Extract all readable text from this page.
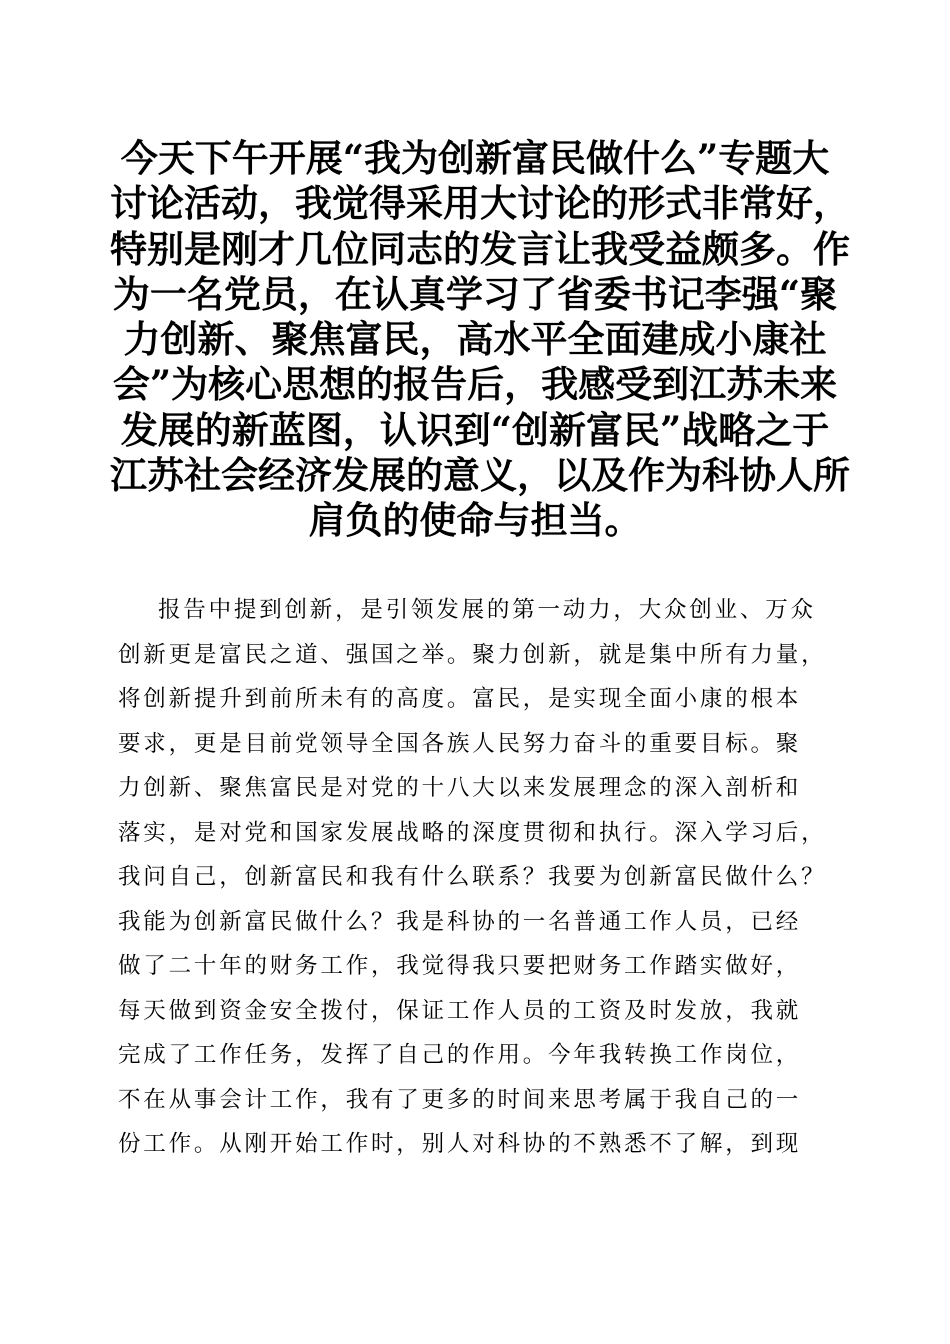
今天下午开展“我为创新富民做什么”专题大
讨论活动，我觉得采用大讨论的形式非常好，
特别是刚才几位同志的发言让我受益颇多。作
为一名党员，在认真学习了省委书记李强“聚
力创新、聚焦富民，高水平全面建成小康社
会”为核心思想的报告后，我感受到江苏未来
发展的新蓝图，认识到“创新富民”战略之于
江苏社会经济发展的意义，以及作为科协人所
肩负的使命与担当。
报告中提到创新，是引领发展的第一动力，大众创业、万众
创新更是富民之道、强国之举。聚力创新，就是集中所有力量，
将创新提升到前所未有的高度。富民，是实现全面小康的根本
要求，更是目前党领导全国各族人民努力奋斗的重要目标。聚
力创新、聚焦富民是对党的十八大以来发展理念的深入剖析和
落实，是对党和国家发展战略的深度贯彻和执行。深入学习后，
我问自己，创新富民和我有什么联系？我要为创新富民做什么？
我能为创新富民做什么？我是科协的一名普通工作人员，已经
做了二十年的财务工作，我觉得我只要把财务工作踏实做好，
每天做到资金安全拨付，保证工作人员的工资及时发放，我就
完成了工作任务，发挥了自己的作用。今年我转换工作岗位，
不在从事会计工作，我有了更多的时间来思考属于我自己的一
份工作。从刚开始工作时，别人对科协的不熟悉不了解，到现
